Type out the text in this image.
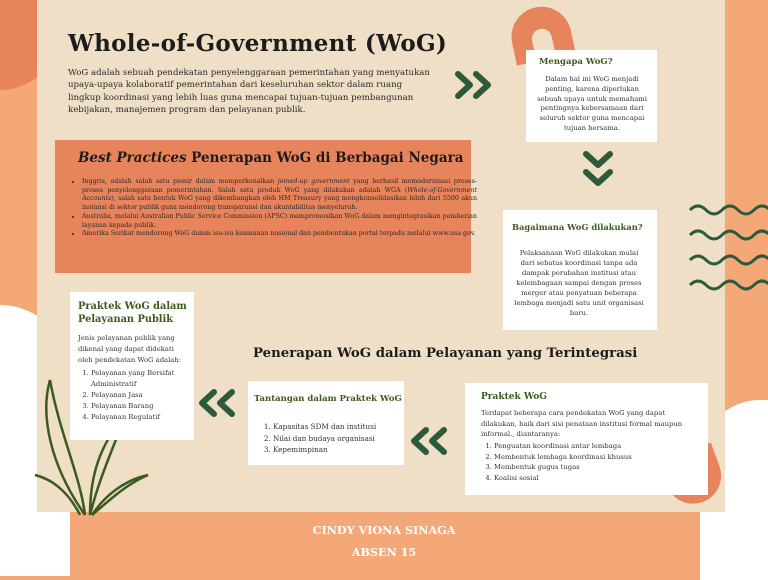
Whole-of-Government (WoG)
WoG adalah sebuah pendekatan penyelenggaraan pemerintahan yang menyatukan upaya-upaya kolaboratif pemerintahan dari keseluruhan sektor dalam ruang lingkup koordinasi yang lebih luas guna mencapai tujuan-tujuan pembangunan kebijakan, manajemen program dan pelayanan publik.
Mengapa WoG?
Dalam hal ini WoG menjadi penting, karena diperlukan sebuah upaya untuk memahami pentingnya kebersamaan dari seluruh sektor guna mencapai tujuan bersama.
Best Practices Penerapan WoG di Berbagai Negara
• Inggris, adalah salah satu pionir dalam memperkenalkan joined-up government yang berhasil memodernisasi proses-proses penyelenggaraan pemerintahan. Salah satu produk WoG yang dilakukan adalah WGA (Whole-of-Government Accounts), salah satu bentuk WoG yang dikembangkan oleh HM Treasury yang mengkonsolidasikan lebih dari 5500 akun instansi di sektor publik guna mendorong transparansi dan akuntabilitas menyeluruh.
• Australia, melalui Australian Public Service Commission (APSC) mempromosikan WoG dalam mengintegrasikan pemberian layanan kepada publik.
• Amerika Serikat mendorong WoG dalam isu-isu keamanan nasional dan pembentukan portal terpadu melalui www.usa.gov.
Bagaimana WoG dilakukan?
Pelaksanaan WoG dilakukan mulai dari sebatas koordinasi tanpa ada dampak perubahan institusi atau kelembagaan sampai dengan proses merger atau penyatuan beberapa lembaga menjadi satu unit organisasi baru.
Penerapan WoG dalam Pelayanan yang Terintegrasi
Praktek WoG dalam Pelayanan Publik
Jenis pelayanan publik yang dikenal yang dapat didekati oleh pendekatan WoG adalah:
1. Pelayanan yang Bersifat Administratif
2. Pelayanan Jasa
3. Pelayanan Barang
4. Pelayanan Regulatif
Tantangan dalam Praktek WoG
1. Kapasitas SDM dan institusi
2. Nilai dan budaya organisasi
3. Kepemimpinan
Praktek WoG
Terdapat beberapa cara pendekatan WoG yang dapat dilakukan, baik dari sisi penataan institusi formal maupun informal., diantaranya:
1. Penguatan koordinasi antar lembaga
2. Membentuk lembaga koordinasi khusus
3. Membentuk gugus tugas
4. Koalisi sosial
CINDY VIONA SINAGA
ABSEN 15
